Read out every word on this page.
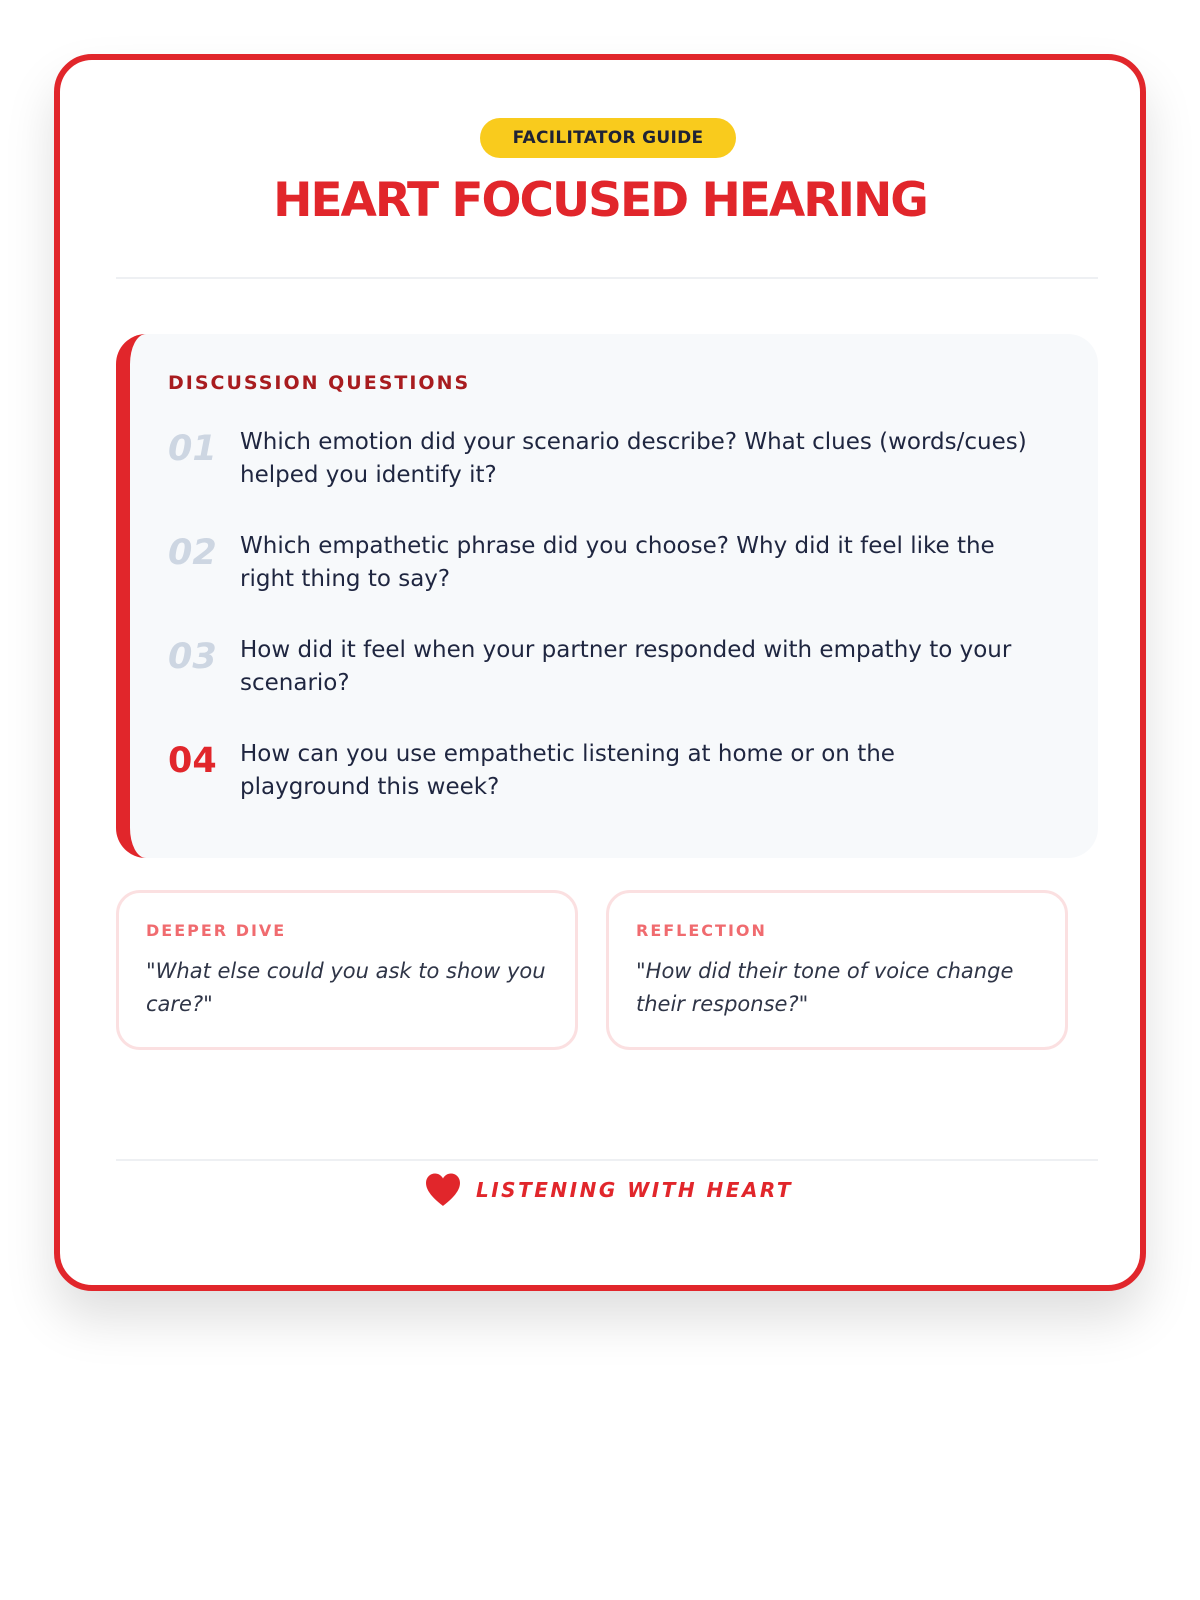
FACILITATOR GUIDE
HEART FOCUSED HEARING
DISCUSSION QUESTIONS
01	Which emotion did your scenario describe? What clues (words/cues) helped you identify it?
02	Which empathetic phrase did you choose? Why did it feel like the right thing to say?
03	How did it feel when your partner responded with empathy to your scenario?
04	How can you use empathetic listening at home or on the playground this week?
DEEPER DIVE
"What else could you ask to show you care?"
REFLECTION
"How did their tone of voice change their response?"
LISTENING WITH HEART
